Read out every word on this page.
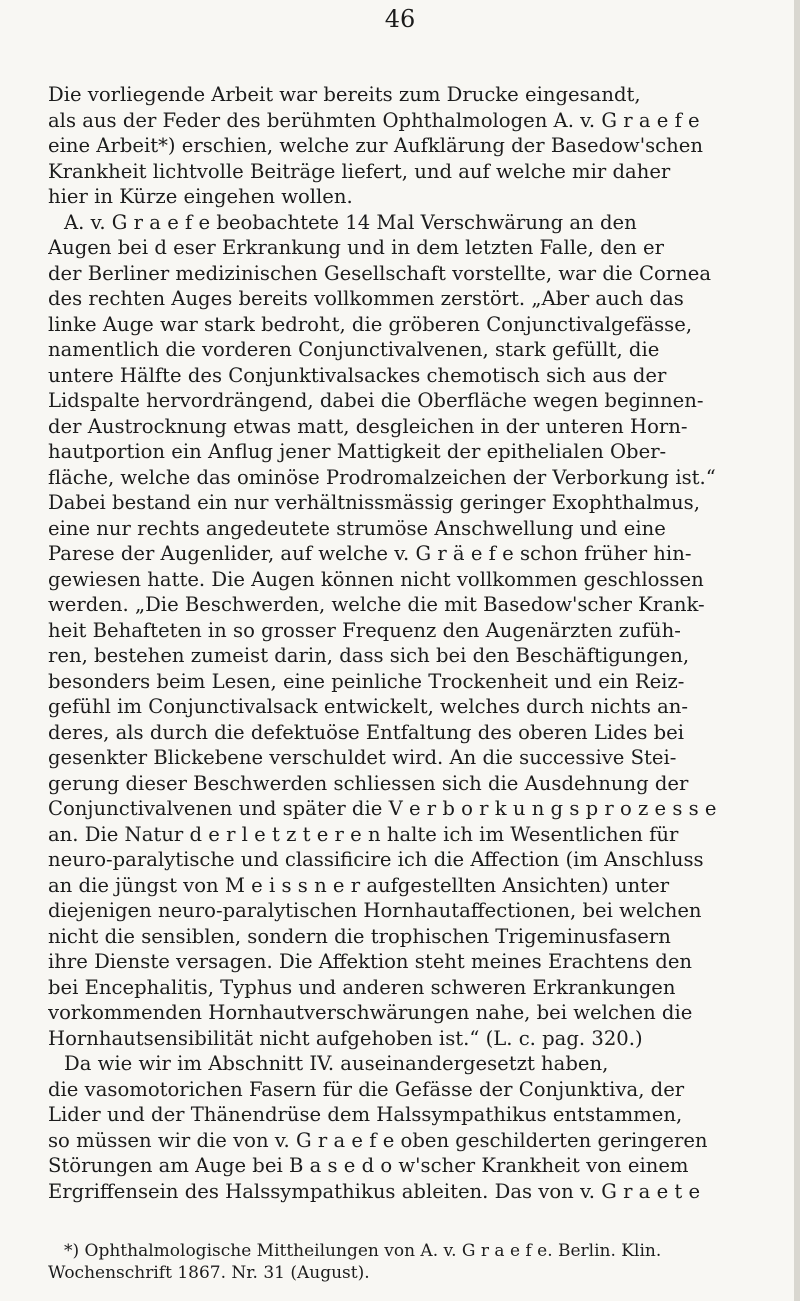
46
Die vorliegende Arbeit war bereits zum Drucke eingesandt,
als aus der Feder des berühmten Ophthalmologen A. v. G r a e f e
eine Arbeit*) erschien, welche zur Aufklärung der Basedow'schen
Krankheit lichtvolle Beiträge liefert, und auf welche mir daher
hier in Kürze eingehen wollen.
A. v. G r a e f e beobachtete 14 Mal Verschwärung an den
Augen bei d eser Erkrankung und in dem letzten Falle, den er
der Berliner medizinischen Gesellschaft vorstellte, war die Cornea
des rechten Auges bereits vollkommen zerstört. „Aber auch das
linke Auge war stark bedroht, die gröberen Conjunctivalgefässe,
namentlich die vorderen Conjunctivalvenen, stark gefüllt, die
untere Hälfte des Conjunktivalsackes chemotisch sich aus der
Lidspalte hervordrängend, dabei die Oberfläche wegen beginnen-
der Austrocknung etwas matt, desgleichen in der unteren Horn-
hautportion ein Anflug jener Mattigkeit der epithelialen Ober-
fläche, welche das ominöse Prodromalzeichen der Verborkung ist.“
Dabei bestand ein nur verhältnissmässig geringer Exophthalmus,
eine nur rechts angedeutete strumöse Anschwellung und eine
Parese der Augenlider, auf welche v. G r ä e f e schon früher hin-
gewiesen hatte. Die Augen können nicht vollkommen geschlossen
werden. „Die Beschwerden, welche die mit Basedow'scher Krank-
heit Behafteten in so grosser Frequenz den Augenärzten zufüh-
ren, bestehen zumeist darin, dass sich bei den Beschäftigungen,
besonders beim Lesen, eine peinliche Trockenheit und ein Reiz-
gefühl im Conjunctivalsack entwickelt, welches durch nichts an-
deres, als durch die defektuöse Entfaltung des oberen Lides bei
gesenkter Blickebene verschuldet wird. An die successive Stei-
gerung dieser Beschwerden schliessen sich die Ausdehnung der
Conjunctivalvenen und später die V e r b o r k u n g s p r o z e s s e
an. Die Natur d e r l e t z t e r e n halte ich im Wesentlichen für
neuro-paralytische und classificire ich die Affection (im Anschluss
an die jüngst von M e i s s n e r aufgestellten Ansichten) unter
diejenigen neuro-paralytischen Hornhautaffectionen, bei welchen
nicht die sensiblen, sondern die trophischen Trigeminusfasern
ihre Dienste versagen. Die Affektion steht meines Erachtens den
bei Encephalitis, Typhus und anderen schweren Erkrankungen
vorkommenden Hornhautverschwärungen nahe, bei welchen die
Hornhautsensibilität nicht aufgehoben ist.“ (L. c. pag. 320.)
Da wie wir im Abschnitt IV. auseinandergesetzt haben,
die vasomotorichen Fasern für die Gefässe der Conjunktiva, der
Lider und der Thänendrüse dem Halssympathikus entstammen,
so müssen wir die von v. G r a e f e oben geschilderten geringeren
Störungen am Auge bei B a s e d o w'scher Krankheit von einem
Ergriffensein des Halssympathikus ableiten. Das von v. G r a e t e
*) Ophthalmologische Mittheilungen von A. v. G r a e f e. Berlin. Klin.
Wochenschrift 1867. Nr. 31 (August).
